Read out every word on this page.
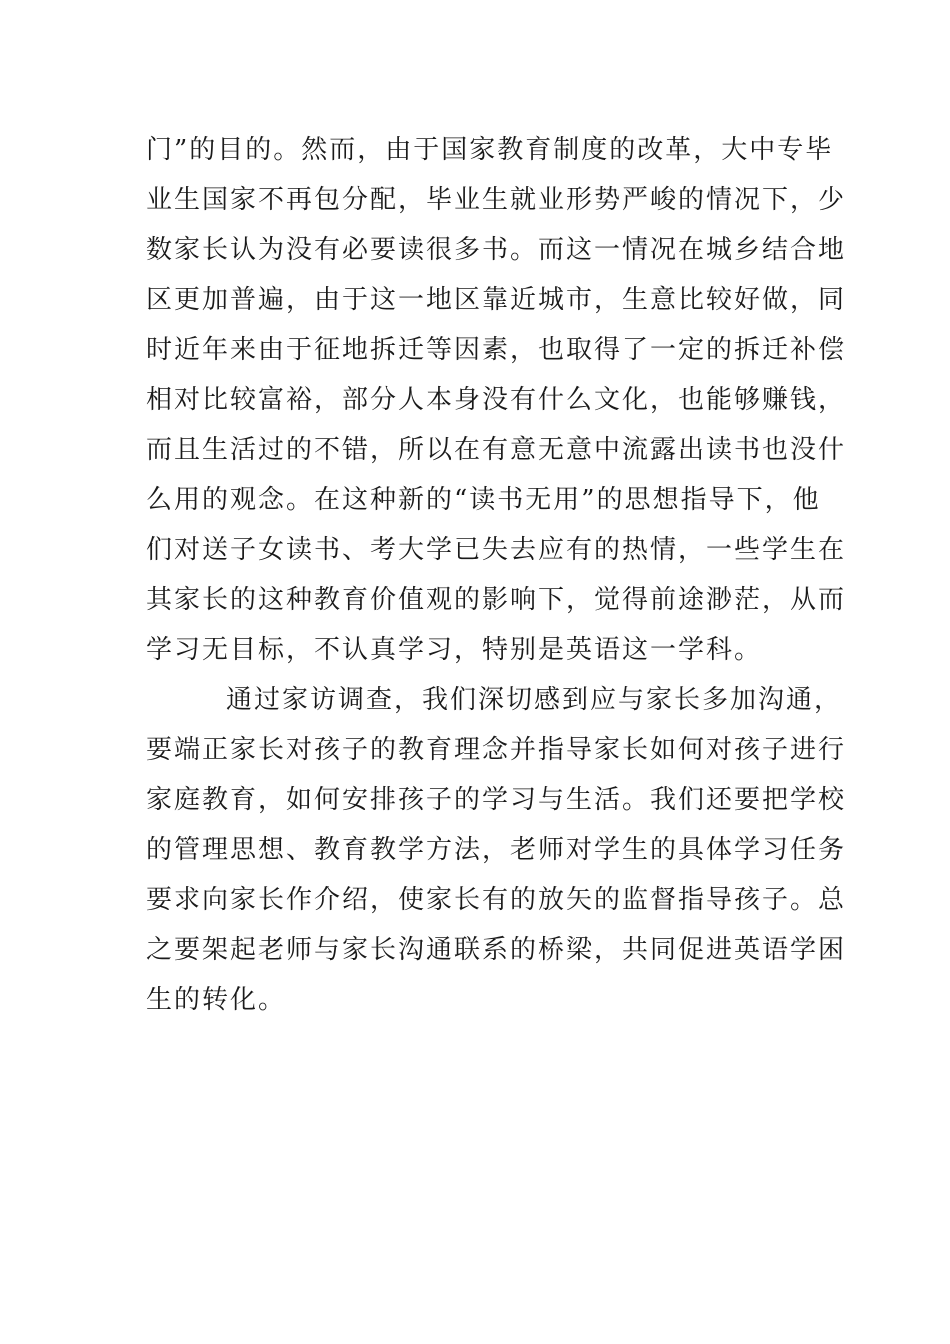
门”的目的。然而，由于国家教育制度的改革，大中专毕
业生国家不再包分配，毕业生就业形势严峻的情况下，少
数家长认为没有必要读很多书。而这一情况在城乡结合地
区更加普遍，由于这一地区靠近城市，生意比较好做，同
时近年来由于征地拆迁等因素，也取得了一定的拆迁补偿
相对比较富裕，部分人本身没有什么文化，也能够赚钱，
而且生活过的不错，所以在有意无意中流露出读书也没什
么用的观念。在这种新的“读书无用”的思想指导下，他
们对送子女读书、考大学已失去应有的热情，一些学生在
其家长的这种教育价值观的影响下，觉得前途渺茫，从而
学习无目标，不认真学习，特别是英语这一学科。
通过家访调查，我们深切感到应与家长多加沟通，
要端正家长对孩子的教育理念并指导家长如何对孩子进行
家庭教育，如何安排孩子的学习与生活。我们还要把学校
的管理思想、教育教学方法，老师对学生的具体学习任务
要求向家长作介绍，使家长有的放矢的监督指导孩子。总
之要架起老师与家长沟通联系的桥梁，共同促进英语学困
生的转化。
